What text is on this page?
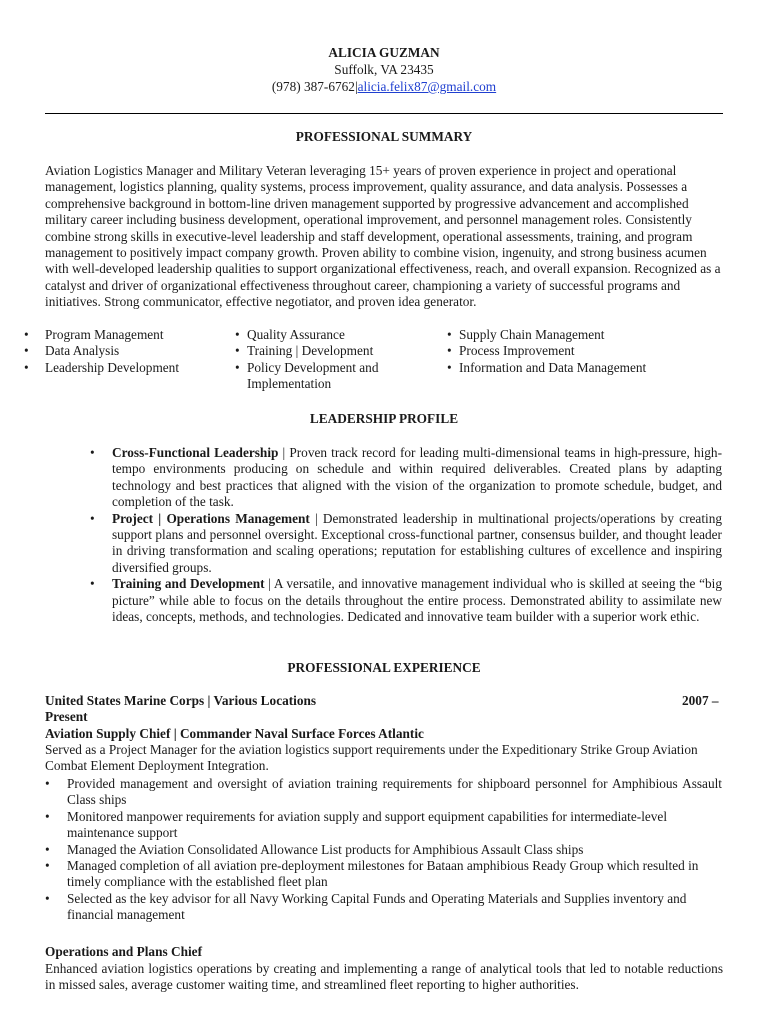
ALICIA GUZMAN
Suffolk, VA 23435
(978) 387-6762|alicia.felix87@gmail.com
PROFESSIONAL SUMMARY
Aviation Logistics Manager and Military Veteran leveraging 15+ years of proven experience in project and operational management, logistics planning, quality systems, process improvement, quality assurance, and data analysis. Possesses a comprehensive background in bottom-line driven management supported by progressive advancement and accomplished military career including business development, operational improvement, and personnel management roles. Consistently combine strong skills in executive-level leadership and staff development, operational assessments, training, and program management to positively impact company growth. Proven ability to combine vision, ingenuity, and strong business acumen with well-developed leadership qualities to support organizational effectiveness, reach, and overall expansion. Recognized as a catalyst and driver of organizational effectiveness throughout career, championing a variety of successful programs and initiatives. Strong communicator, effective negotiator, and proven idea generator.
• Program Management
• Data Analysis
• Leadership Development
• Quality Assurance
• Training | Development
• Policy Development and Implementation
• Supply Chain Management
• Process Improvement
• Information and Data Management
LEADERSHIP PROFILE
• Cross-Functional Leadership | Proven track record for leading multi-dimensional teams in high-pressure, high-tempo environments producing on schedule and within required deliverables. Created plans by adapting technology and best practices that aligned with the vision of the organization to promote schedule, budget, and completion of the task.
• Project | Operations Management | Demonstrated leadership in multinational projects/operations by creating support plans and personnel oversight. Exceptional cross-functional partner, consensus builder, and thought leader in driving transformation and scaling operations; reputation for establishing cultures of excellence and inspiring diversified groups.
• Training and Development | A versatile, and innovative management individual who is skilled at seeing the “big picture” while able to focus on the details throughout the entire process. Demonstrated ability to assimilate new ideas, concepts, methods, and technologies. Dedicated and innovative team builder with a superior work ethic.
PROFESSIONAL EXPERIENCE
United States Marine Corps | Various Locations	2007 –
Present
Aviation Supply Chief | Commander Naval Surface Forces Atlantic
Served as a Project Manager for the aviation logistics support requirements under the Expeditionary Strike Group Aviation Combat Element Deployment Integration.
• Provided management and oversight of aviation training requirements for shipboard personnel for Amphibious Assault Class ships
• Monitored manpower requirements for aviation supply and support equipment capabilities for intermediate-level maintenance support
• Managed the Aviation Consolidated Allowance List products for Amphibious Assault Class ships
• Managed completion of all aviation pre-deployment milestones for Bataan amphibious Ready Group which resulted in timely compliance with the established fleet plan
• Selected as the key advisor for all Navy Working Capital Funds and Operating Materials and Supplies inventory and financial management
Operations and Plans Chief
Enhanced aviation logistics operations by creating and implementing a range of analytical tools that led to notable reductions in missed sales, average customer waiting time, and streamlined fleet reporting to higher authorities.
